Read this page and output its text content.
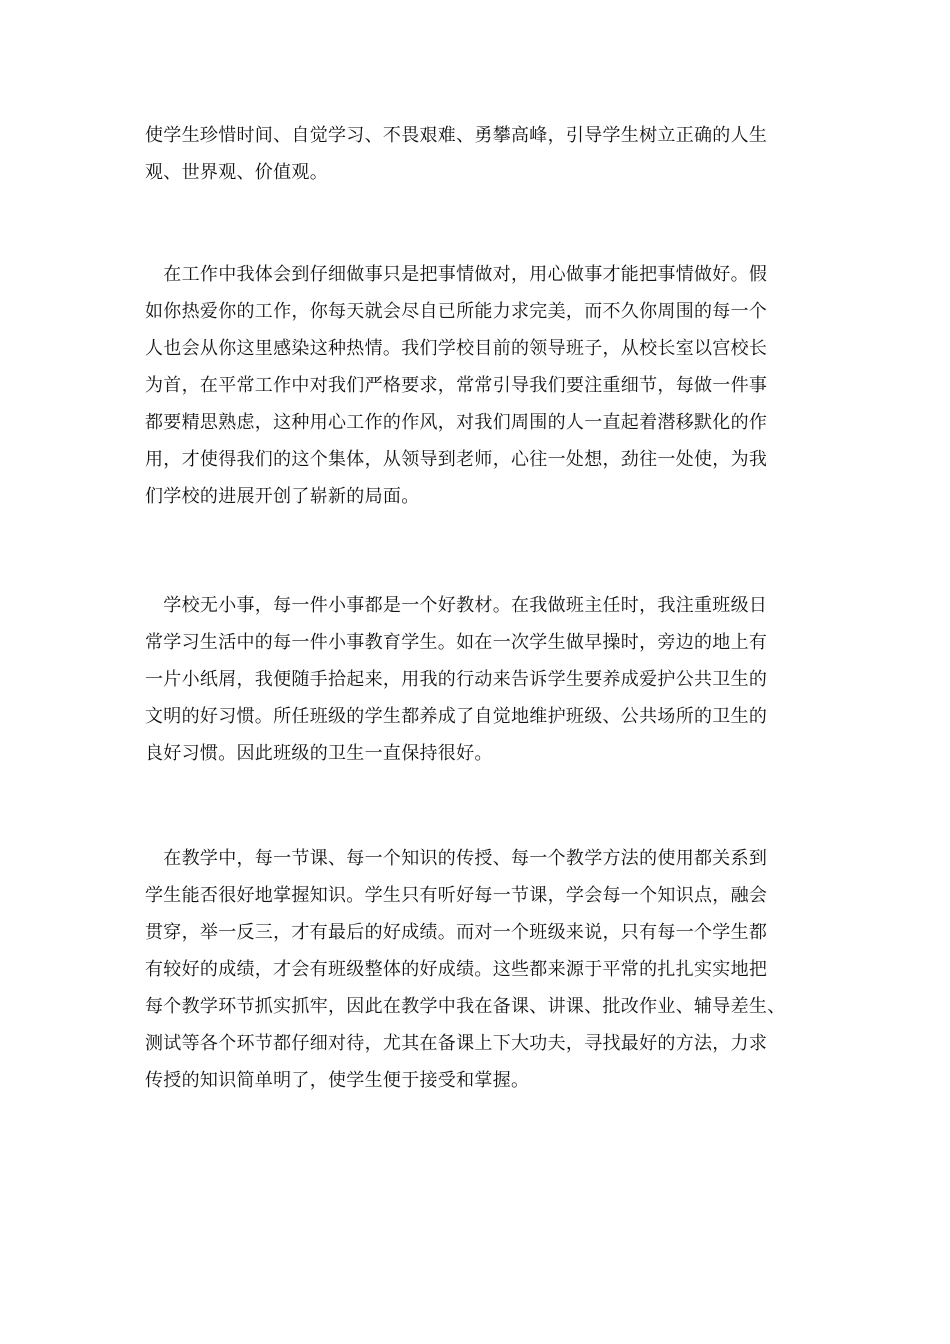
使学生珍惜时间、自觉学习、不畏艰难、勇攀高峰，引导学生树立正确的人生
观、世界观、价值观。
　在工作中我体会到仔细做事只是把事情做对，用心做事才能把事情做好。假
如你热爱你的工作，你每天就会尽自已所能力求完美，而不久你周围的每一个
人也会从你这里感染这种热情。我们学校目前的领导班子，从校长室以宫校长
为首，在平常工作中对我们严格要求，常常引导我们要注重细节，每做一件事
都要精思熟虑，这种用心工作的作风，对我们周围的人一直起着潜移默化的作
用，才使得我们的这个集体，从领导到老师，心往一处想，劲往一处使，为我
们学校的进展开创了崭新的局面。
　学校无小事，每一件小事都是一个好教材。在我做班主任时，我注重班级日
常学习生活中的每一件小事教育学生。如在一次学生做早操时，旁边的地上有
一片小纸屑，我便随手拾起来，用我的行动来告诉学生要养成爱护公共卫生的
文明的好习惯。所任班级的学生都养成了自觉地维护班级、公共场所的卫生的
良好习惯。因此班级的卫生一直保持很好。
　在教学中，每一节课、每一个知识的传授、每一个教学方法的使用都关系到
学生能否很好地掌握知识。学生只有听好每一节课，学会每一个知识点，融会
贯穿，举一反三，才有最后的好成绩。而对一个班级来说，只有每一个学生都
有较好的成绩，才会有班级整体的好成绩。这些都来源于平常的扎扎实实地把
每个教学环节抓实抓牢，因此在教学中我在备课、讲课、批改作业、辅导差生、
测试等各个环节都仔细对待，尤其在备课上下大功夫，寻找最好的方法，力求
传授的知识简单明了，使学生便于接受和掌握。
